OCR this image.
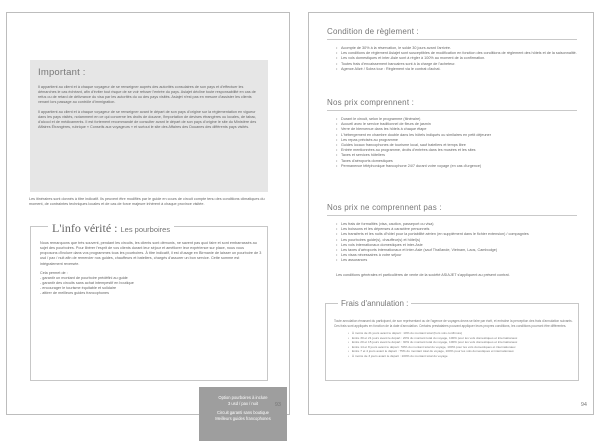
Important :

Il appartient au client et à chaque voyageur de se renseigner auprès des autorités consulaires de son pays et d'effectuer les démarches le cas échéant, afin d'éviter tout risque de se voir refuser l'entrée du pays. Asiajet décline toute responsabilité en cas de refus ou de retard de délivrance du visa par les autorités du ou des pays visités. Asiajet n'est pas en mesure d'assister les clients venant lors passage au contrôle d'immigration.

Il appartient au client et à chaque voyageur de se renseigner avant le départ de son pays d'origine sur la réglementation en vigueur dans les pays visités, notamment en ce qui concerne les droits de douane, l'importation de devises étrangères ou locales, de tabac, d'alcool et de médicaments. Il est fortement recommandé de consulter avant le départ de son pays d'origine le site du Ministère des Affaires Étrangères, rubrique « Conseils aux voyageurs » et surtout le site des Affaires des Douanes des différents pays visités.

Les itinéraires sont donnés à titre indicatif. Ils peuvent être modifiés par le guide en cours de circuit compte tenu des conditions climatiques du moment, de contraintes techniques locales et de cas de force majeure inhérent à chaque province visitée.

L'info vérité : Les pourboires

Nous remarquons que très souvent, pendant les circuits, les clients sont démunis, ne savent pas quoi faire et sont embarrassés au sujet des pourboires. Pour libérer l'esprit de vos clients durant leur séjour et améliorer leur expérience sur place, nous vous proposons d'inclure dans vos programmes tous les pourboires. À titre indicatif, il est d'usage en Birmanie de laisser un pourboire de 3 usd / pax / nuit afin de remercier nos guides, chauffeurs et bateliers, chargés d'assurer un bon service. Cette somme est intégralement reversée.

Cela permet de :

- garantir un montant de pourboire prédéfini au guide
- garantir des circuits sans achat intempestif en boutique
- encourager le tourisme équitable et solidaire
- attirer de meilleurs guides francophones
Option pourboires à inclure
3 usd / pax / nuit
Circuit garanti sans boutique
Meilleurs guides francophones
93
Condition de règlement :
• Acompte de 30% à la réservation, le solde 30 jours avant l'arrivée.
• Les conditions de règlement Asiajet sont susceptibles de modification en fonction des conditions de règlement des hôtels et de la saisonnalité.
• Les vols domestiques et inter-Asie sont à régler à 100% au moment de la confirmation.
• Toutes frais d'encaissement bancaires sont à la charge de l'acheteur.
• Agence Alizé / Solea tour : Règlement via le contrat d'achat.
Nos prix comprennent :
• Durant le circuit, selon le programme (Itinéraire)
• Accueil avec le service traditionnel de fleurs de jasmin
• Verre de bienvenue dans les hôtels à chaque étape
• L'hébergement en chambre double dans les hôtels indiqués ou similaires en petit déjeuner
• Les repas précisés au programme
• Guides locaux francophones de tourisme local, sauf bateliers et temps libre
• Entrée mentionnées au programme, droits d'entrées dans les musées et les sites
• Taxes et services hôteliers
• Taxes d'aéroports domestiques
• Permanence téléphonique francophone 24/7 durant votre voyage (en cas d'urgence)
Nos prix ne comprennent pas :
• Les frais de formalités (visa, caution, passeport ou visa)
• Les boissons et les dépenses à caractère personnels
• Les transferts et les nuits d'hôtel pour la portabilité aérien (en supplément dans le fichier extension) / compagnies
• Les pourboires guide(s), chauffeur(s) et hôtel(s)
• Les vols internationaux domestiques et inter-Asie
• Les taxes d'aéroports internationaux et inter-Asie (sauf Thaïlande, Vietnam, Laos, Cambodge)
• Les visas nécessaires à votre séjour
• Les assurances

Les conditions générales et particulières de vente de la société ASIAJET s'appliquent au présent contrat.

Frais d'annulation :

Toute annulation émanant du participant, de son représentant ou de l'agence de voyages devra se faire par écrit, et entraîne la perception des frais d'annulation suivants. Ces frais sont appliqués en fonction de la date d'annulation. Certains prestataires pouvant appliquer leurs propres conditions, les conditions pourront être différentes.

• À moins de 21 jours avant le départ : 10% du montant total (hors vols confirmés)
• Entre 30 et 21 jours avant le départ : 20% du montant total du voyage, 100% pour les vols domestiques et internationaux
• Entre 20 et 15 jours avant le départ : 30% du montant total du voyage, 100% pour les vols domestiques et internationaux
• Entre 14 et 8 jours avant le départ : 50% du montant total du voyage, 100% pour les vols domestiques et internationaux
• Entre 7 et 4 jours avant le départ : 75% du montant total du voyage, 100% pour les vols domestiques et internationaux
• À moins de 3 jours avant le départ : 100% du montant total du voyage
94
